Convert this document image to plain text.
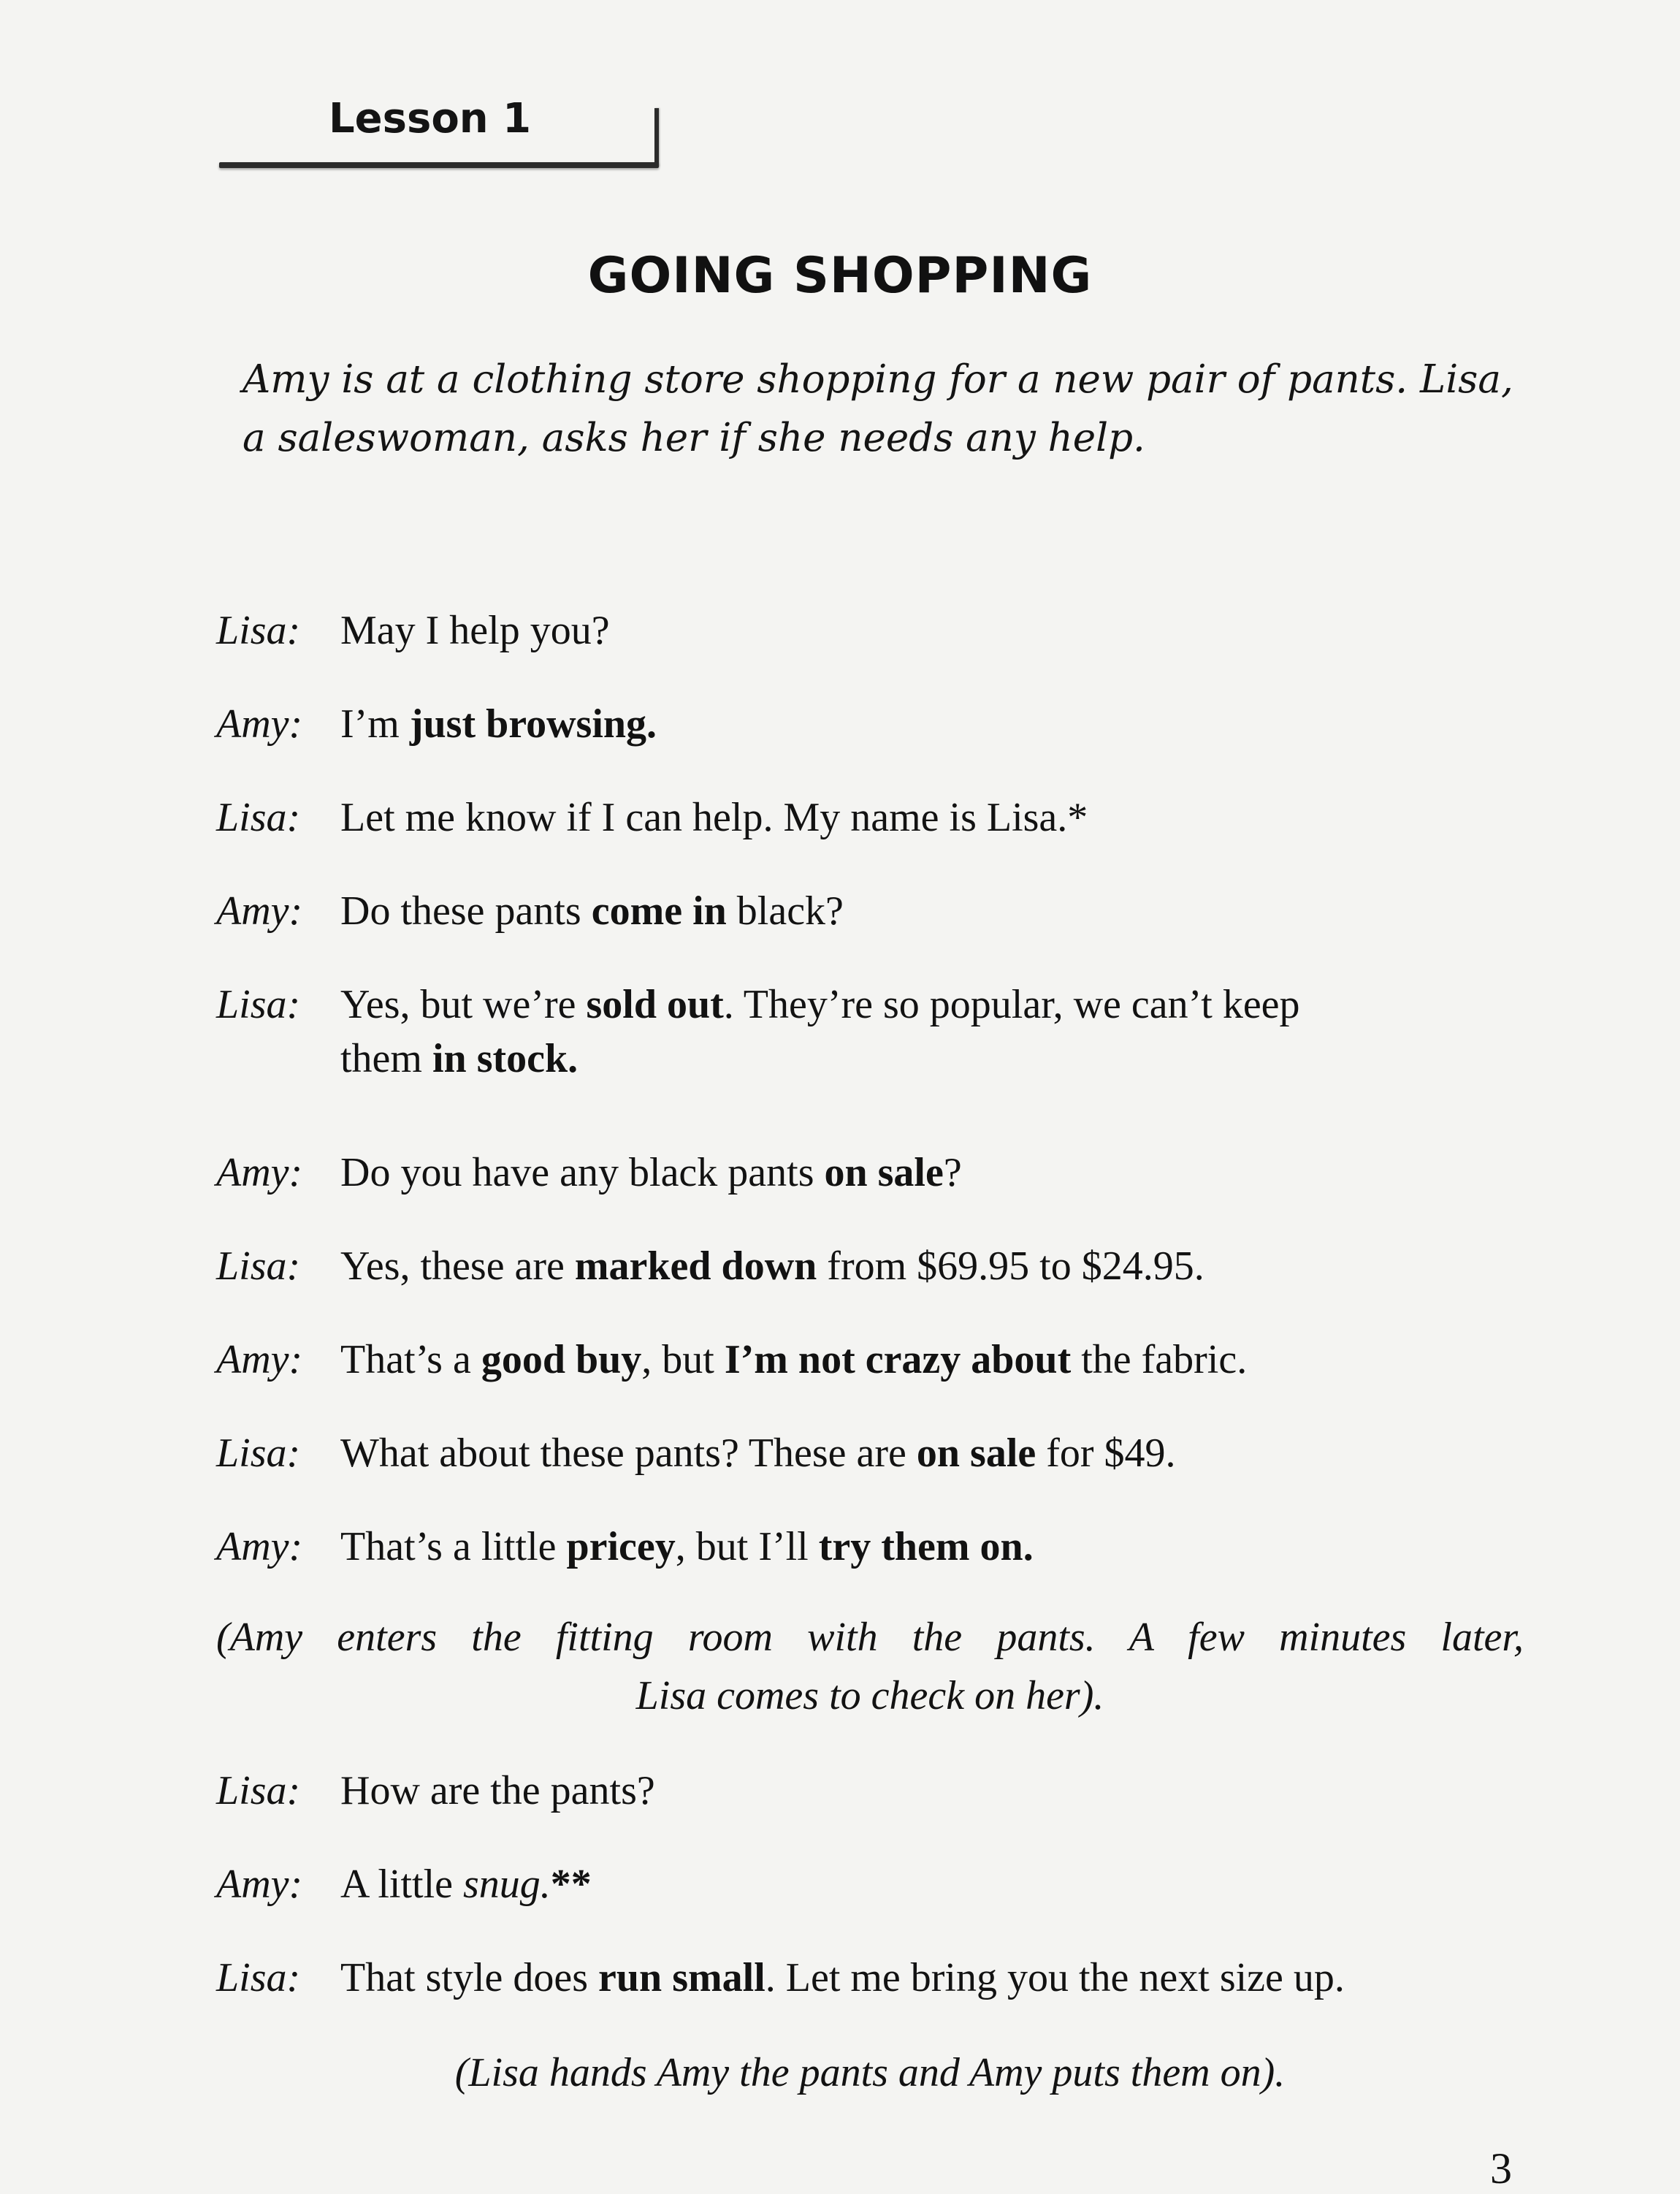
Lesson 1
GOING SHOPPING
Amy is at a clothing store shopping for a new pair of pants. Lisa,
a saleswoman, asks her if she needs any help.
Lisa: May I help you?
Amy: I’m just browsing.
Lisa: Let me know if I can help. My name is Lisa.*
Amy: Do these pants come in black?
Lisa: Yes, but we’re sold out. They’re so popular, we can’t keep
them in stock.
Amy: Do you have any black pants on sale?
Lisa: Yes, these are marked down from $69.95 to $24.95.
Amy: That’s a good buy, but I’m not crazy about the fabric.
Lisa: What about these pants? These are on sale for $49.
Amy: That’s a little pricey, but I’ll try them on.
(Amy enters the fitting room with the pants. A few minutes later,
Lisa comes to check on her).
Lisa: How are the pants?
Amy: A little snug.**
Lisa: That style does run small. Let me bring you the next size up.
(Lisa hands Amy the pants and Amy puts them on).
3
